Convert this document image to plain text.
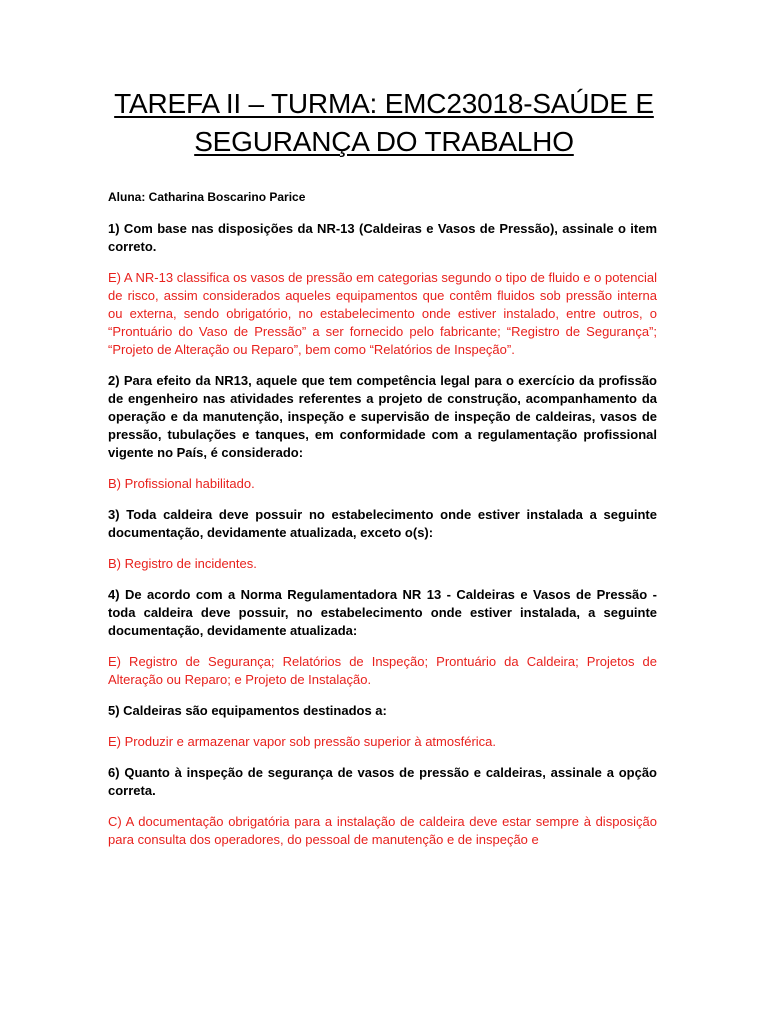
TAREFA II – TURMA: EMC23018-SAÚDE E
SEGURANÇA DO TRABALHO

Aluna: Catharina Boscarino Parice

1) Com base nas disposições da NR-13 (Caldeiras e Vasos de Pressão), assinale o item correto.

E) A NR-13 classifica os vasos de pressão em categorias segundo o tipo de fluido e o potencial de risco, assim considerados aqueles equipamentos que contêm fluidos sob pressão interna ou externa, sendo obrigatório, no estabelecimento onde estiver instalado, entre outros, o “Prontuário do Vaso de Pressão” a ser fornecido pelo fabricante; “Registro de Segurança”; “Projeto de Alteração ou Reparo”, bem como “Relatórios de Inspeção”.

2) Para efeito da NR13, aquele que tem competência legal para o exercício da profissão de engenheiro nas atividades referentes a projeto de construção, acompanhamento da operação e da manutenção, inspeção e supervisão de inspeção de caldeiras, vasos de pressão, tubulações e tanques, em conformidade com a regulamentação profissional vigente no País, é considerado:

B) Profissional habilitado.

3) Toda caldeira deve possuir no estabelecimento onde estiver instalada a seguinte documentação, devidamente atualizada, exceto o(s):

B) Registro de incidentes.

4) De acordo com a Norma Regulamentadora NR 13 - Caldeiras e Vasos de Pressão - toda caldeira deve possuir, no estabelecimento onde estiver instalada, a seguinte documentação, devidamente atualizada:

E) Registro de Segurança; Relatórios de Inspeção; Prontuário da Caldeira; Projetos de Alteração ou Reparo; e Projeto de Instalação.

5) Caldeiras são equipamentos destinados a:

E) Produzir e armazenar vapor sob pressão superior à atmosférica.

6) Quanto à inspeção de segurança de vasos de pressão e caldeiras, assinale a opção correta.

C) A documentação obrigatória para a instalação de caldeira deve estar sempre à disposição para consulta dos operadores, do pessoal de manutenção e de inspeção e
